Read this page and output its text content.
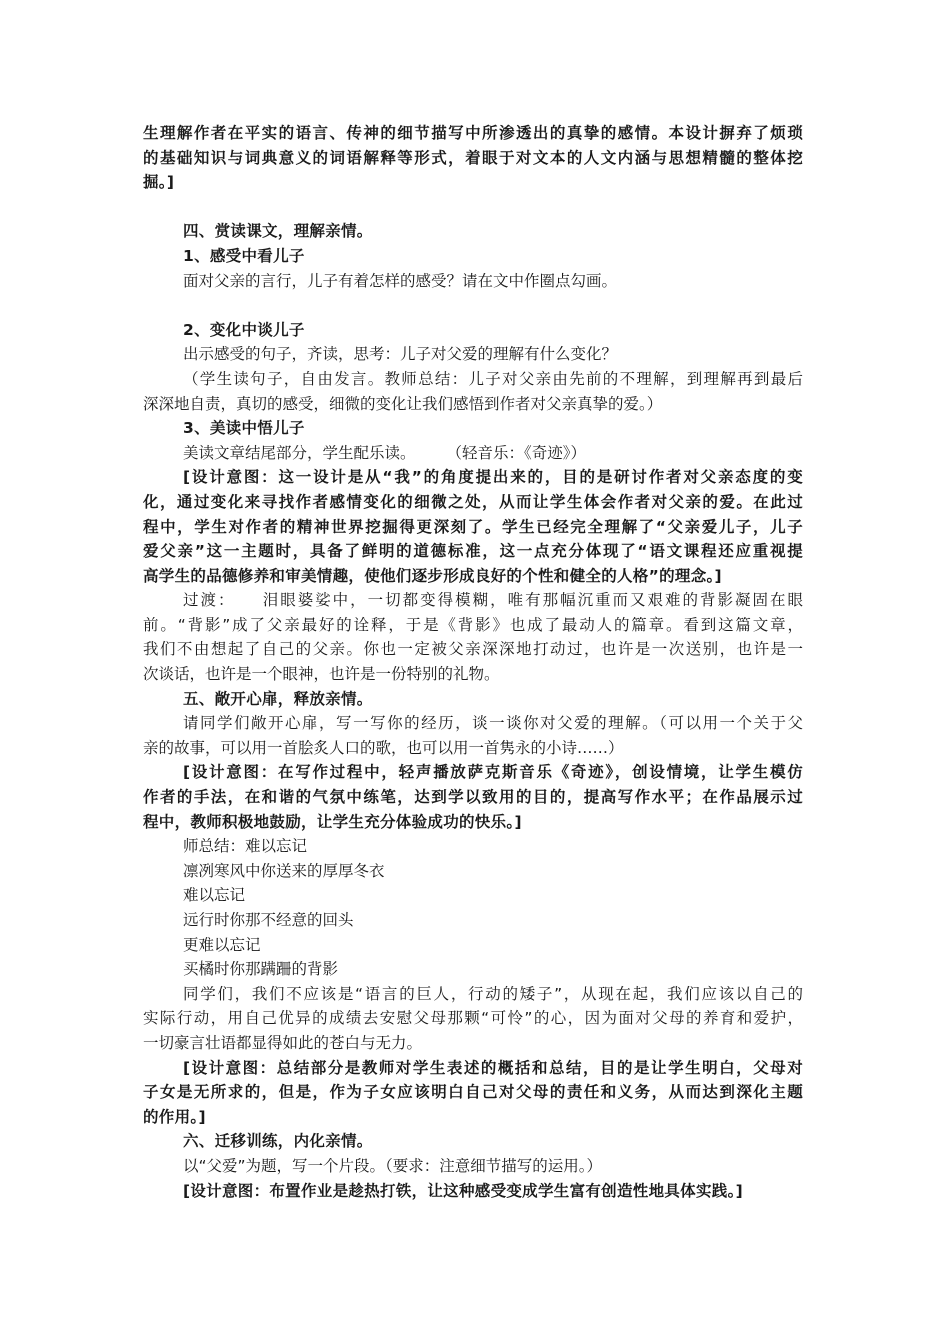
生理解作者在平实的语言、传神的细节描写中所渗透出的真挚的感情。本设计摒弃了烦琐
的基础知识与词典意义的词语解释等形式，着眼于对文本的人文内涵与思想精髓的整体挖
掘。]
四、赏读课文，理解亲情。
1、感受中看儿子
面对父亲的言行，儿子有着怎样的感受？请在文中作圈点勾画。
2、变化中谈儿子
出示感受的句子，齐读，思考：儿子对父爱的理解有什么变化？
（学生读句子，自由发言。教师总结：儿子对父亲由先前的不理解，到理解再到最后
深深地自责，真切的感受，细微的变化让我们感悟到作者对父亲真挚的爱。）
3、美读中悟儿子
美读文章结尾部分，学生配乐读。　　　（轻音乐：《奇迹》）
[设计意图：这一设计是从“我”的角度提出来的，目的是研讨作者对父亲态度的变
化，通过变化来寻找作者感情变化的细微之处，从而让学生体会作者对父亲的爱。在此过
程中，学生对作者的精神世界挖掘得更深刻了。学生已经完全理解了“父亲爱儿子，儿子
爱父亲”这一主题时，具备了鲜明的道德标准，这一点充分体现了“语文课程还应重视提
高学生的品德修养和审美情趣，使他们逐步形成良好的个性和健全的人格”的理念。]
过渡：　　泪眼婆娑中，一切都变得模糊，唯有那幅沉重而又艰难的背影凝固在眼
前。“背影”成了父亲最好的诠释，于是《背影》也成了最动人的篇章。看到这篇文章，
我们不由想起了自己的父亲。你也一定被父亲深深地打动过，也许是一次送别，也许是一
次谈话，也许是一个眼神，也许是一份特别的礼物。
五、敞开心扉，释放亲情。
请同学们敞开心扉，写一写你的经历，谈一谈你对父爱的理解。（可以用一个关于父
亲的故事，可以用一首脍炙人口的歌，也可以用一首隽永的小诗……）
[设计意图：在写作过程中，轻声播放萨克斯音乐《奇迹》，创设情境，让学生模仿
作者的手法，在和谐的气氛中练笔，达到学以致用的目的，提高写作水平；在作品展示过
程中，教师积极地鼓励，让学生充分体验成功的快乐。]
师总结：难以忘记
凛冽寒风中你送来的厚厚冬衣
难以忘记
远行时你那不经意的回头
更难以忘记
买橘时你那蹒跚的背影
同学们，我们不应该是“语言的巨人，行动的矮子”，从现在起，我们应该以自己的
实际行动，用自己优异的成绩去安慰父母那颗“可怜”的心，因为面对父母的养育和爱护，
一切豪言壮语都显得如此的苍白与无力。
[设计意图：总结部分是教师对学生表述的概括和总结，目的是让学生明白，父母对
子女是无所求的，但是，作为子女应该明白自己对父母的责任和义务，从而达到深化主题
的作用。]
六、迁移训练，内化亲情。
以“父爱”为题，写一个片段。（要求：注意细节描写的运用。）
[设计意图：布置作业是趁热打铁，让这种感受变成学生富有创造性地具体实践。]
